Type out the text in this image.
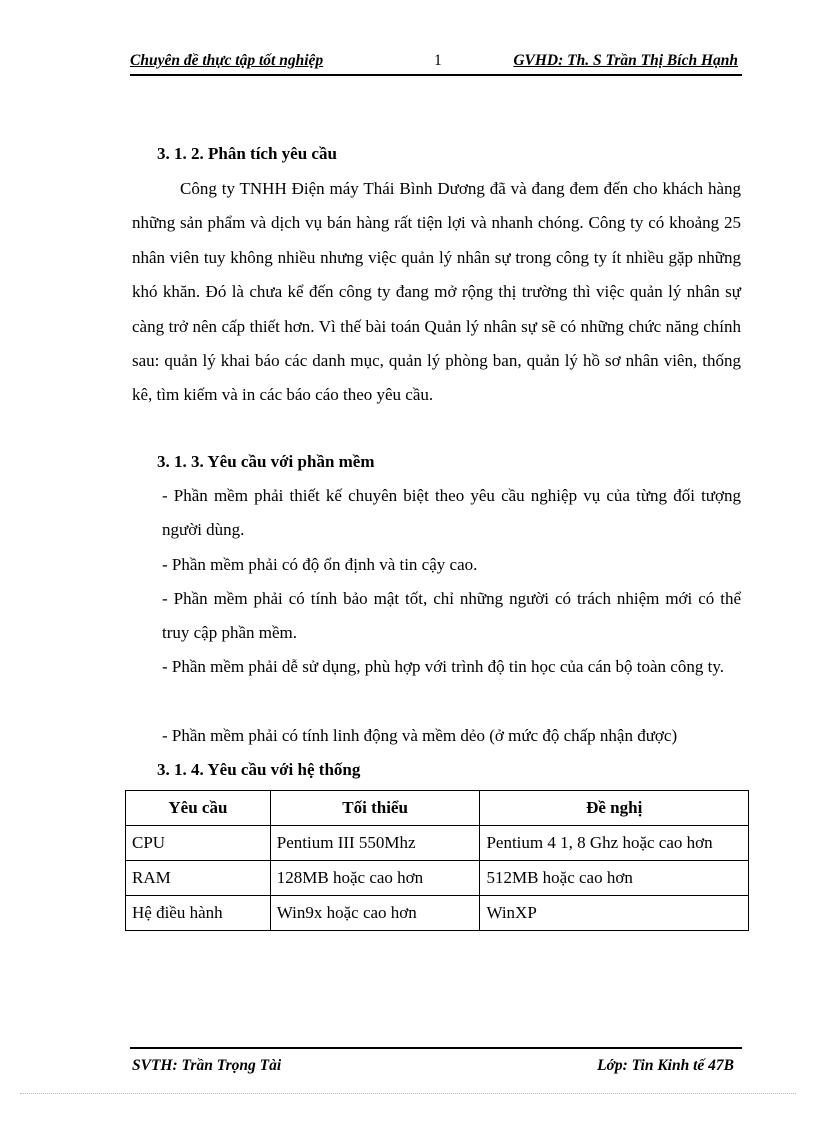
Chuyên đề thực tập tốt nghiệp	1	GVHD: Th. S Trần Thị Bích Hạnh
3. 1. 2. Phân tích yêu cầu
Công ty TNHH Điện máy Thái Bình Dương đã và đang đem đến cho khách hàng những sản phẩm và dịch vụ bán hàng rất tiện lợi và nhanh chóng. Công ty có khoảng 25 nhân viên tuy không nhiều nhưng việc quản lý nhân sự trong công ty ít nhiều gặp những khó khăn. Đó là chưa kể đến công ty đang mở rộng thị trường thì việc quản lý nhân sự càng trở nên cấp thiết hơn. Vì thế bài toán Quản lý nhân sự sẽ có những chức năng chính sau: quản lý khai báo các danh mục, quản lý phòng ban, quản lý hồ sơ nhân viên, thống kê, tìm kiếm và in các báo cáo theo yêu cầu.
3. 1. 3. Yêu cầu với phần mềm
- Phần mềm phải thiết kế chuyên biệt theo yêu cầu nghiệp vụ của từng đối tượng người dùng.
- Phần mềm phải có độ ổn định và tin cậy cao.
- Phần mềm phải có tính bảo mật tốt, chỉ những người có trách nhiệm mới có thể truy cập phần mềm.
- Phần mềm phải dễ sử dụng, phù hợp với trình độ tin học của cán bộ toàn công ty.
- Phần mềm phải có tính linh động và mềm dẻo (ở mức độ chấp nhận được)
3. 1. 4. Yêu cầu với hệ thống
Yêu cầu	Tối thiểu	Đề nghị
CPU	Pentium III 550Mhz	Pentium 4 1, 8 Ghz hoặc cao hơn
RAM	128MB hoặc cao hơn	512MB hoặc cao hơn
Hệ điều hành	Win9x hoặc cao hơn	WinXP
SVTH: Trần Trọng Tài	Lớp: Tin Kinh tế 47B
